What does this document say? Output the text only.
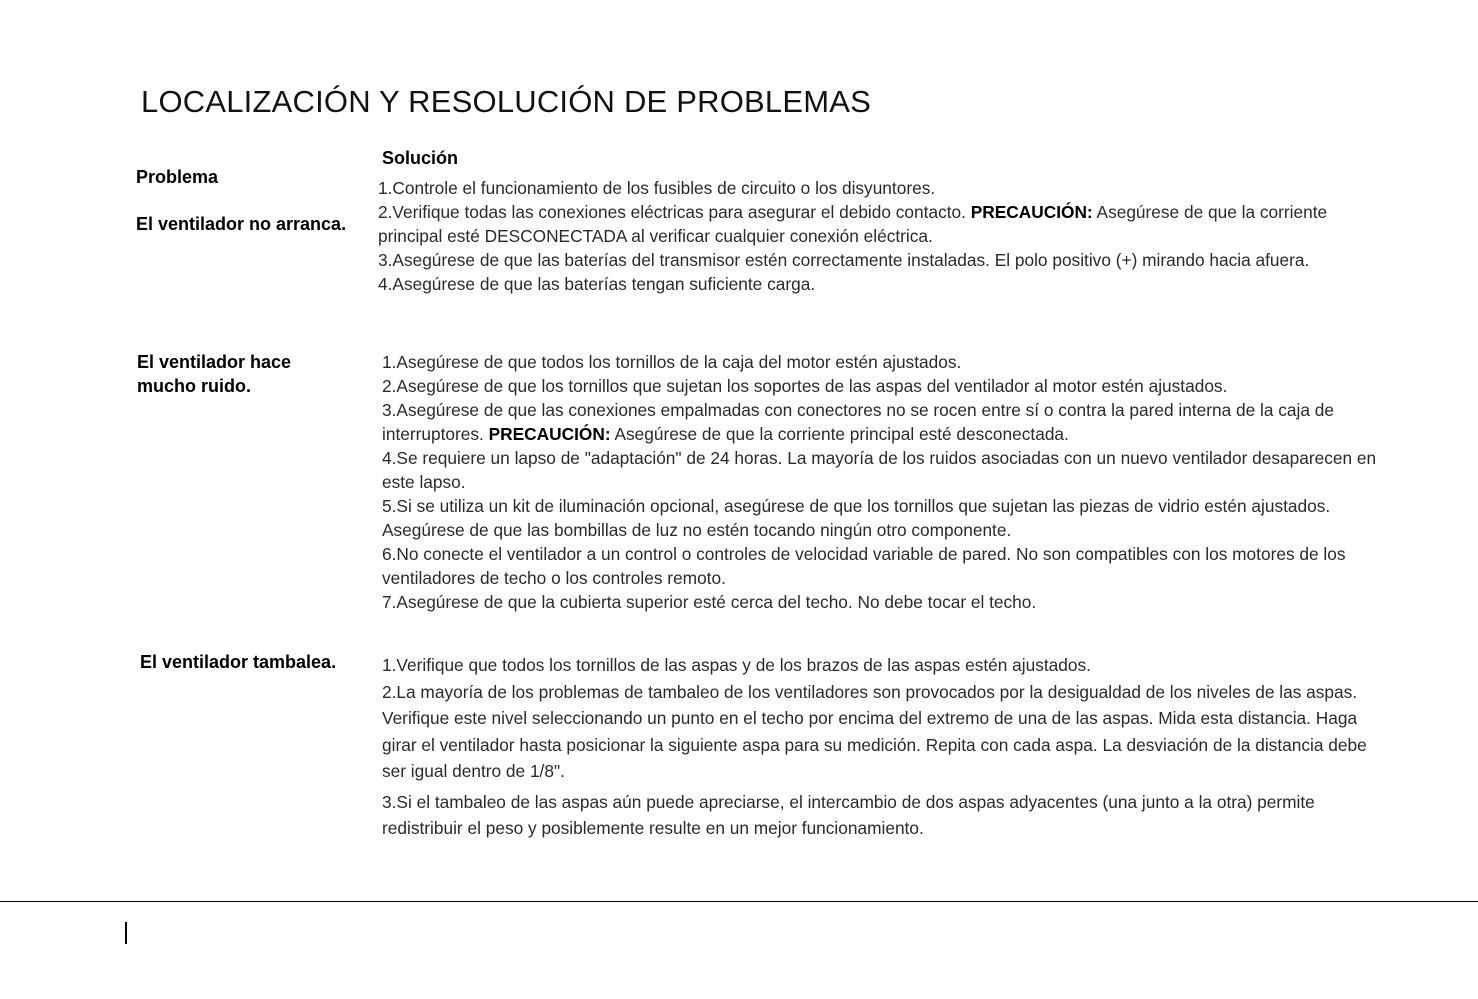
LOCALIZACIÓN Y RESOLUCIÓN DE PROBLEMAS
Problema
Solución
El ventilador no arranca.

1.Controle el funcionamiento de los fusibles de circuito o los disyuntores.

2.Verifique todas las conexiones eléctricas para asegurar el debido contacto. PRECAUCIÓN: Asegúrese de que la corriente principal esté DESCONECTADA al verificar cualquier conexión eléctrica.

3.Asegúrese de que las baterías del transmisor estén correctamente instaladas. El polo positivo (+) mirando hacia afuera.

4.Asegúrese de que las baterías tengan suficiente carga.

El ventilador hace mucho ruido.

1.Asegúrese de que todos los tornillos de la caja del motor estén ajustados.

2.Asegúrese de que los tornillos que sujetan los soportes de las aspas del ventilador al motor estén ajustados.

3.Asegúrese de que las conexiones empalmadas con conectores no se rocen entre sí o contra la pared interna de la caja de interruptores. PRECAUCIÓN: Asegúrese de que la corriente principal esté desconectada.

4.Se requiere un lapso de "adaptación" de 24 horas. La mayoría de los ruidos asociadas con un nuevo ventilador desaparecen en este lapso.

5.Si se utiliza un kit de iluminación opcional, asegúrese de que los tornillos que sujetan las piezas de vidrio estén ajustados. Asegúrese de que las bombillas de luz no estén tocando ningún otro componente.

6.No conecte el ventilador a un control o controles de velocidad variable de pared. No son compatibles con los motores de los ventiladores de techo o los controles remoto.

7.Asegúrese de que la cubierta superior esté cerca del techo. No debe tocar el techo.

El ventilador tambalea.	1.Verifique que todos los tornillos de las aspas y de los brazos de las aspas estén ajustados.

2.La mayoría de los problemas de tambaleo de los ventiladores son provocados por la desigualdad de los niveles de las aspas. Verifique este nivel seleccionando un punto en el techo por encima del extremo de una de las aspas. Mida esta distancia. Haga girar el ventilador hasta posicionar la siguiente aspa para su medición. Repita con cada aspa. La desviación de la distancia debe ser igual dentro de 1/8".

3.Si el tambaleo de las aspas aún puede apreciarse, el intercambio de dos aspas adyacentes (una junto a la otra) permite redistribuir el peso y posiblemente resulte en un mejor funcionamiento.
